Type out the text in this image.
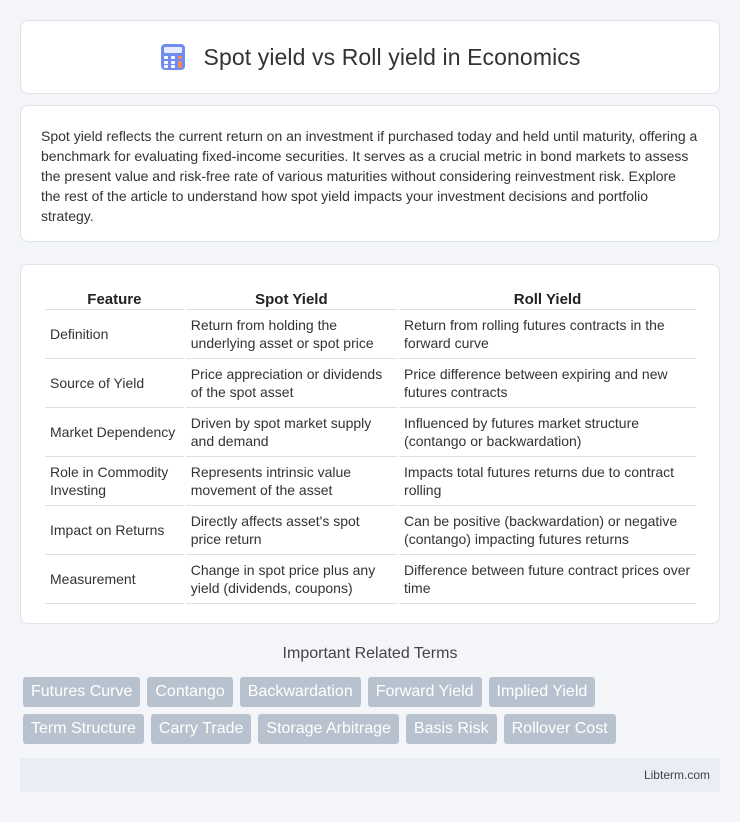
Spot yield vs Roll yield in Economics

Spot yield reflects the current return on an investment if purchased today and held until maturity, offering a benchmark for evaluating fixed-income securities. It serves as a crucial metric in bond markets to assess the present value and risk-free rate of various maturities without considering reinvestment risk. Explore the rest of the article to understand how spot yield impacts your investment decisions and portfolio strategy.

Feature	Spot Yield	Roll Yield
Definition	Return from holding the underlying asset or spot price	Return from rolling futures contracts in the forward curve
Source of Yield	Price appreciation or dividends of the spot asset	Price difference between expiring and new futures contracts
Market Dependency	Driven by spot market supply and demand	Influenced by futures market structure (contango or backwardation)
Role in Commodity Investing	Represents intrinsic value movement of the asset	Impacts total futures returns due to contract rolling
Impact on Returns	Directly affects asset's spot price return	Can be positive (backwardation) or negative (contango) impacting futures returns
Measurement	Change in spot price plus any yield (dividends, coupons)	Difference between future contract prices over time
Important Related Terms
Futures Curve	Contango	Backwardation	Forward Yield	Implied Yield
Term Structure	Carry Trade	Storage Arbitrage	Basis Risk	Rollover Cost
Libterm.com
